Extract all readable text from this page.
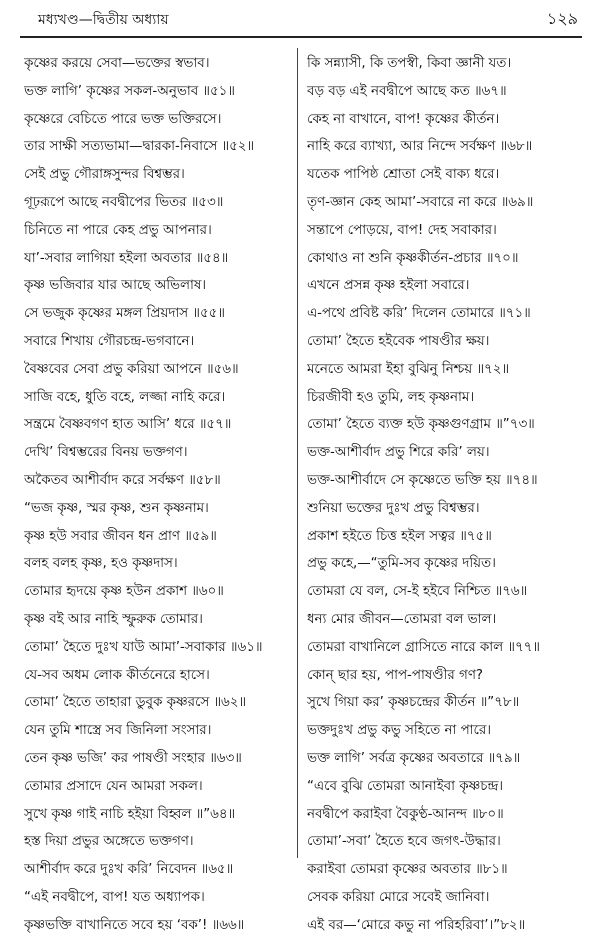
মধ্যখণ্ড—দ্বিতীয় অধ্যায়	১২৯
কৃষ্ণের করয়ে সেবা—ভক্তের স্বভাব।
ভক্ত লাগি’ কৃষ্ণের সকল-অনুভাব ॥৫১॥
কৃষ্ণেরে বেচিতে পারে ভক্ত ভক্তিরসে।
তার সাক্ষী সত্যভামা—দ্বারকা-নিবাসে ॥৫২॥
সেই প্রভু গৌরাঙ্গসুন্দর বিশ্বম্ভর।
গূঢ়রূপে আছে নবদ্বীপের ভিতর ॥৫৩॥
চিনিতে না পারে কেহ প্রভু আপনার।
যা’-সবার লাগিয়া হইলা অবতার ॥৫৪॥
কৃষ্ণ ভজিবার যার আছে অভিলাষ।
সে ভজুক কৃষ্ণের মঙ্গল প্রিয়দাস ॥৫৫॥
সবারে শিখায় গৌরচন্দ্র-ভগবানে।
বৈষ্ণবের সেবা প্রভু করিয়া আপনে ॥৫৬॥
সাজি বহে, ধুতি বহে, লজ্জা নাহি করে।
সন্ত্রমে বৈষ্ণবগণ হাত আসি’ ধরে ॥৫৭॥
দেখি’ বিশ্বম্ভরের বিনয় ভক্তগণ।
অকৈতব আশীর্বাদ করে সর্বক্ষণ ॥৫৮॥
“ভজ কৃষ্ণ, স্মর কৃষ্ণ, শুন কৃষ্ণনাম।
কৃষ্ণ হউ সবার জীবন ধন প্রাণ ॥৫৯॥
বলহ বলহ কৃষ্ণ, হও কৃষ্ণদাস।
তোমার হৃদয়ে কৃষ্ণ হউন প্রকাশ ॥৬০॥
কৃষ্ণ বই আর নাহি স্ফুরুক তোমার।
তোমা’ হৈতে দুঃখ যাউ আমা’-সবাকার ॥৬১॥
যে-সব অধম লোক কীর্তনেরে হাসে।
তোমা’ হৈতে তাহারা ডুবুক কৃষ্ণরসে ॥৬২॥
যেন তুমি শাস্ত্রে সব জিনিলা সংসার।
তেন কৃষ্ণ ভজি’ কর পাষণ্ডী সংহার ॥৬৩॥
তোমার প্রসাদে যেন আমরা সকল।
সুখে কৃষ্ণ গাই নাচি হইয়া বিহ্বল ॥”৬৪॥
হস্ত দিয়া প্রভুর অঙ্গেতে ভক্তগণ।
আশীর্বাদ করে দুঃখ করি’ নিবেদন ॥৬৫॥
“এই নবদ্বীপে, বাপ! যত অধ্যাপক।
কৃষ্ণভক্তি বাখানিতে সবে হয় ‘বক’! ॥৬৬॥
কি সন্ন্যাসী, কি তপস্বী, কিবা জ্ঞানী যত।
বড় বড় এই নবদ্বীপে আছে কত ॥৬৭॥
কেহ না বাখানে, বাপ! কৃষ্ণের কীর্তন।
নাহি করে ব্যাখ্যা, আর নিন্দে সর্বক্ষণ ॥৬৮॥
যতেক পাপিষ্ঠ শ্রোতা সেই বাক্য ধরে।
তৃণ-জ্ঞান কেহ আমা’-সবারে না করে ॥৬৯॥
সন্তাপে পোড়য়ে, বাপ! দেহ সবাকার।
কোথাও না শুনি কৃষ্ণকীর্তন-প্রচার ॥৭০॥
এখনে প্রসন্ন কৃষ্ণ হইলা সবারে।
এ-পথে প্রবিষ্ট করি’ দিলেন তোমারে ॥৭১॥
তোমা’ হৈতে হইবেক পাষণ্ডীর ক্ষয়।
মনেতে আমরা ইহা বুঝিনু নিশ্চয় ॥৭২॥
চিরজীবী হও তুমি, লহ কৃষ্ণনাম।
তোমা’ হৈতে ব্যক্ত হউ কৃষ্ণগুণগ্রাম ॥”৭৩॥
ভক্ত-আশীর্বাদ প্রভু শিরে করি’ লয়।
ভক্ত-আশীর্বাদে সে কৃষ্ণেতে ভক্তি হয় ॥৭৪॥
শুনিয়া ভক্তের দুঃখ প্রভু বিশ্বম্ভর।
প্রকাশ হইতে চিত্ত হইল সত্বর ॥৭৫॥
প্রভু কহে,—“তুমি-সব কৃষ্ণের দয়িত।
তোমরা যে বল, সে-ই হইবে নিশ্চিত ॥৭৬॥
ধন্য মোর জীবন—তোমরা বল ভাল।
তোমরা বাখানিলে গ্রাসিতে নারে কাল ॥৭৭॥
কোন্ ছার হয়, পাপ-পাষণ্ডীর গণ?
সুখে গিয়া কর’ কৃষ্ণচন্দ্রের কীর্তন ॥”৭৮॥
ভক্তদুঃখ প্রভু কভু সহিতে না পারে।
ভক্ত লাগি’ সর্বত্র কৃষ্ণের অবতারে ॥৭৯॥
“এবে বুঝি তোমরা আনাইবা কৃষ্ণচন্দ্র।
নবদ্বীপে করাইবা বৈকুণ্ঠ-আনন্দ ॥৮০॥
তোমা’-সবা’ হৈতে হবে জগৎ-উদ্ধার।
করাইবা তোমরা কৃষ্ণের অবতার ॥৮১॥
সেবক করিয়া মোরে সবেই জানিবা।
এই বর—‘মোরে কভু না পরিহরিবা’।”৮২॥
